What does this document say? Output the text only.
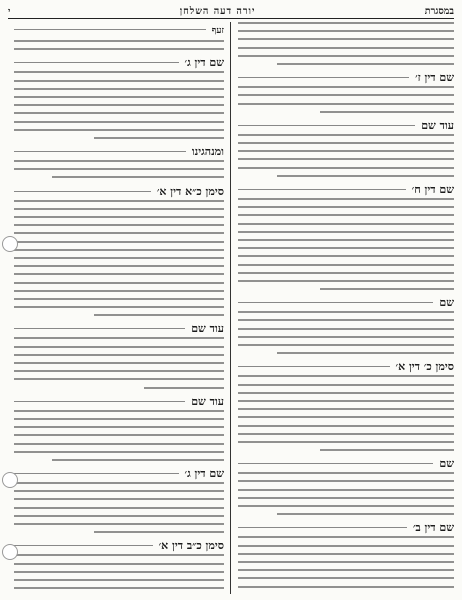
במסגרת
יורה דעה השלחן
י
שם דין ז׳
עוד שם
שם דין ח׳
שם
סימן כ׳ דין א׳
שם
שם דין ב׳
זעף
שם דין ג׳
ומנהגינו
סימן כ״א דין א׳
עוד שם
עוד שם
שם דין ג׳
סימן כ״ב דין א׳
